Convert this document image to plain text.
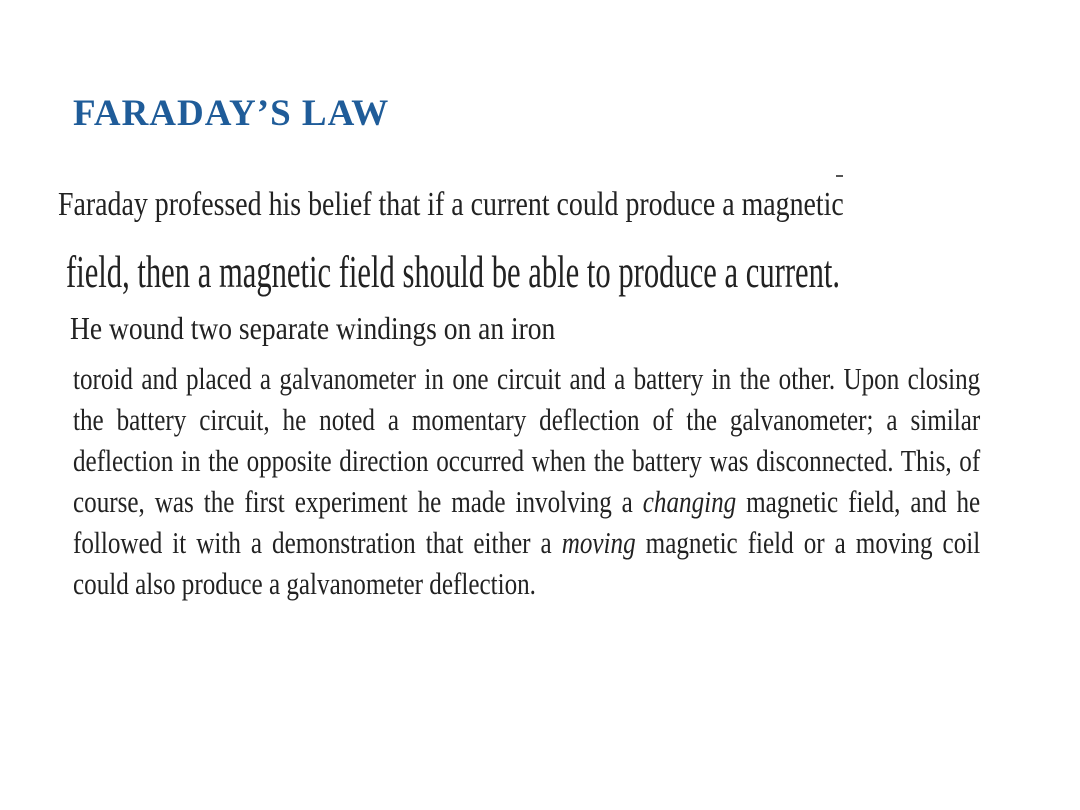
FARADAY’S LAW

Faraday professed his belief that if a current could produce a magnetic

field, then a magnetic field should be able to produce a current.

He wound two separate windings on an iron

toroid and placed a galvanometer in one circuit and a battery in the other. Upon closing the battery circuit, he noted a momentary deflection of the galvanometer; a similar deflection in the opposite direction occurred when the battery was disconnected. This, of course, was the first experiment he made involving a changing magnetic field, and he followed it with a demonstration that either a moving magnetic field or a moving coil could also produce a galvanometer deflection.
